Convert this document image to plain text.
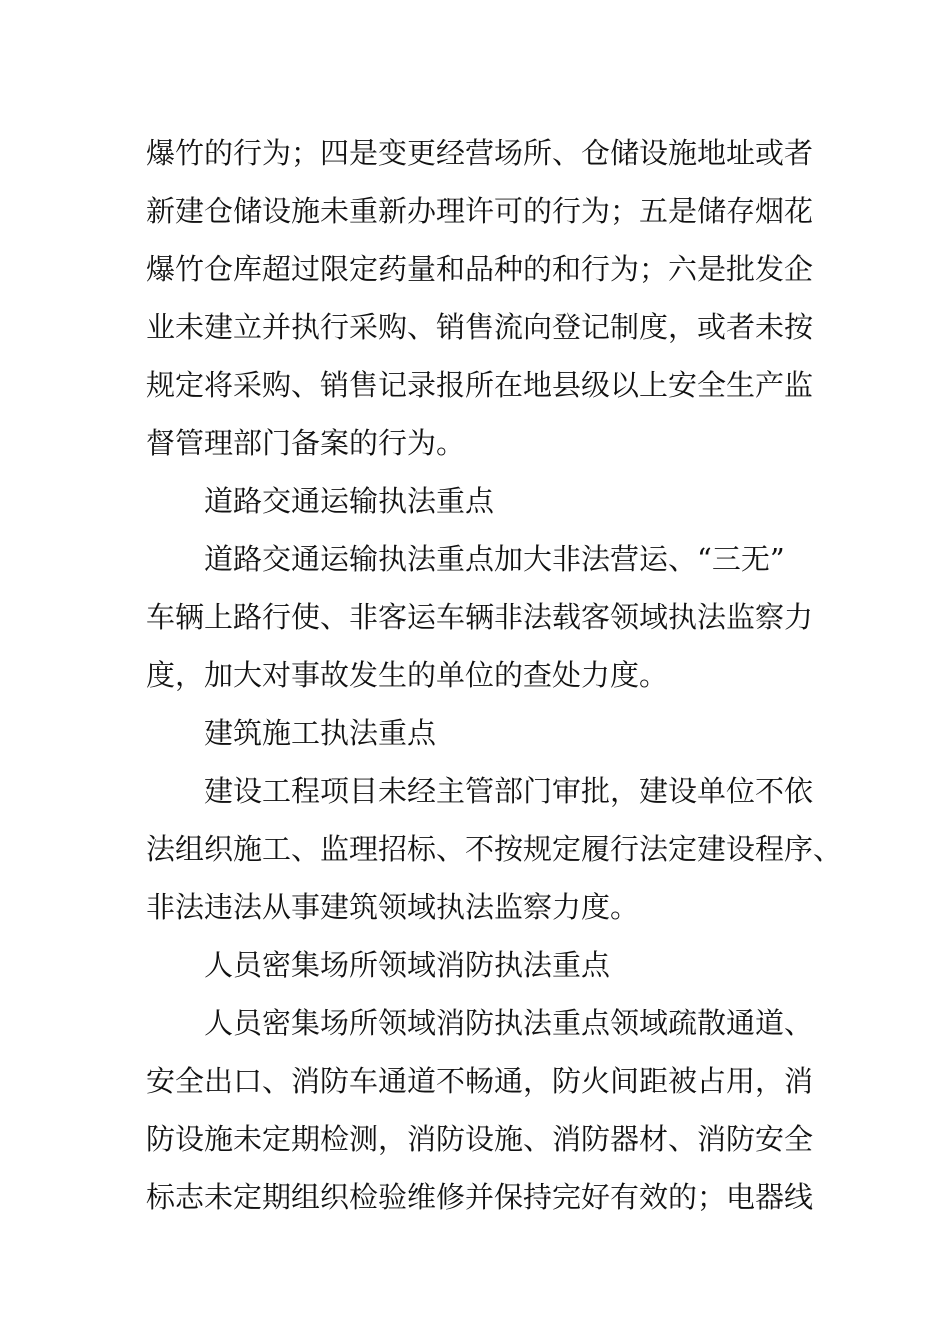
爆竹的行为；四是变更经营场所、仓储设施地址或者
新建仓储设施未重新办理许可的行为；五是储存烟花
爆竹仓库超过限定药量和品种的和行为；六是批发企
业未建立并执行采购、销售流向登记制度，或者未按
规定将采购、销售记录报所在地县级以上安全生产监
督管理部门备案的行为。
道路交通运输执法重点
道路交通运输执法重点加大非法营运、“三无”
车辆上路行使、非客运车辆非法载客领域执法监察力
度，加大对事故发生的单位的查处力度。
建筑施工执法重点
建设工程项目未经主管部门审批，建设单位不依
法组织施工、监理招标、不按规定履行法定建设程序、
非法违法从事建筑领域执法监察力度。
人员密集场所领域消防执法重点
人员密集场所领域消防执法重点领域疏散通道、
安全出口、消防车通道不畅通，防火间距被占用，消
防设施未定期检测，消防设施、消防器材、消防安全
标志未定期组织检验维修并保持完好有效的；电器线
